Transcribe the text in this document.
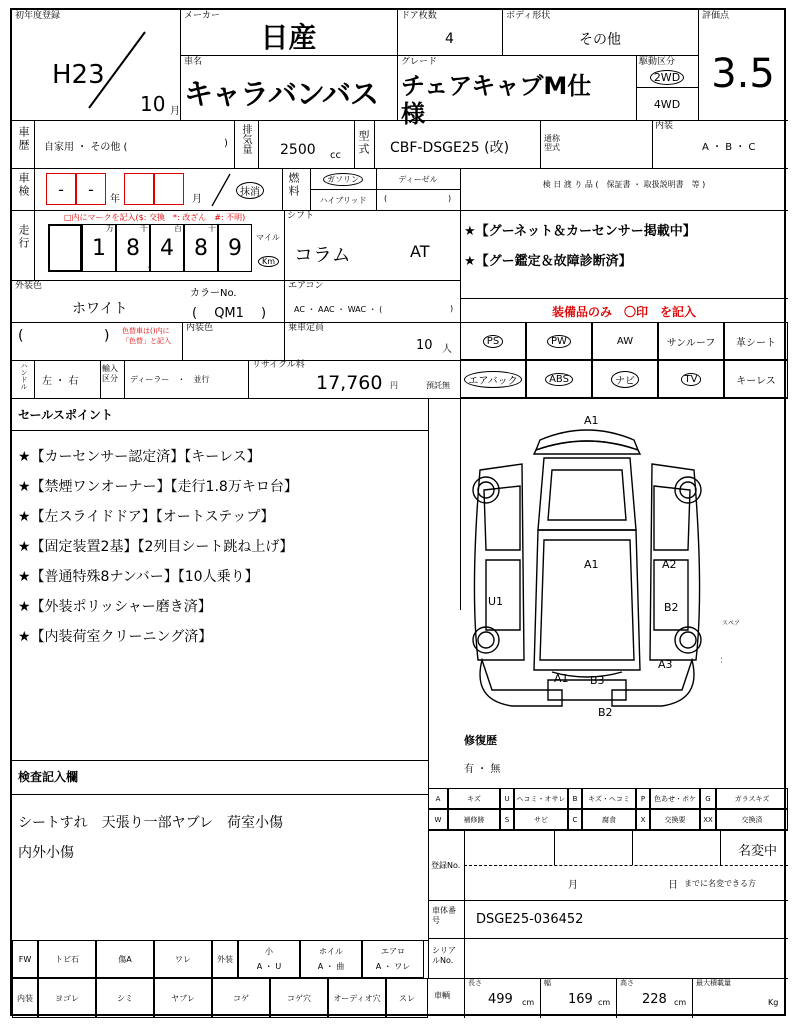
初年度登録
H23
10 月
メーカー
日産
車名
キャラバンバス
ドア枚数
4
ボディ形状
その他
グレード
チェアキャブM仕
様
駆動区分
2WD
4WD
評価点
3.5
車歴 自家用 ・ その他 (	) 排気量 2500 cc 型式 CBF-DSGE25 (改)
通称型式
内装
A ・ B ・ C
車検	-	-
年	月
抹消	燃料	ガソリン	ディーゼル
ハイブリッド	(	)
検 日 渡 り 品 (　保証書 ・ 取扱説明書　等 )
走行
□内にマークを記入($: 交換　*: 改ざん　#: 不明)
1
万
8
千
4
百
8
十
9
,
マイル
Km
シフト
コラム	AT
★【グーネット＆カーセンサー掲載中】
★【グー鑑定＆故障診断済】
外装色
ホワイト
カラーNo.
( 　QM1　 )
(	) 色替車は()内に
「色替」と記入
内装色
エアコン
AC ・ AAC ・ WAC ・ (	)
乗車定員
10 人
装備品のみ　〇印　を記入
PS	PW	AW	サンルーフ 革シート
エアバック	ABS	ナビ	TV	キーレス
ハンドル 左 ・ 右
輸入区分	ディーラー　・　並行
リサイクル料
17,760 円	預託無
セールスポイント
★【カーセンサー認定済】【キーレス】
★【禁煙ワンオーナー】【走行1.8万キロ台】
★【左スライドドア】【オートステップ】
★【固定装置2基】【2列目シート跳ね上げ】
★【普通特殊8ナンバー】【10人乗り】
★【外装ポリッシャー磨き済】
★【内装荷室クリーニング済】
A1
A1	A2
U1	B2
A3
A1 B3
B2
スペア
修復歴
有 ・ 無
A	キズ	U	ヘコミ・オサレ	B	キズ・ヘコミ	P	色あせ・ボケ	G	ガラスキズ
W	補修跡	S	サビ	C	腐食	X	交換要	XX	交換済
検査記入欄
シートすれ　天張り一部ヤブレ　荷室小傷
内外小傷
登録No.
名変中
月	日 までに名変できる方
車体番号	DSGE25-036452
シリアルNo.
FW	トビ石	傷A	ワレ	外装
小
A ・ U
ホイル
A ・ 曲
エアロ
A ・ ワレ
内装	ヨゴレ	シミ	ヤブレ	コゲ	コゲ穴	オーディオ穴	スレ	車輌
長さ
499 cm
幅
169 cm
高さ
228 cm
最大積載量
Kg
